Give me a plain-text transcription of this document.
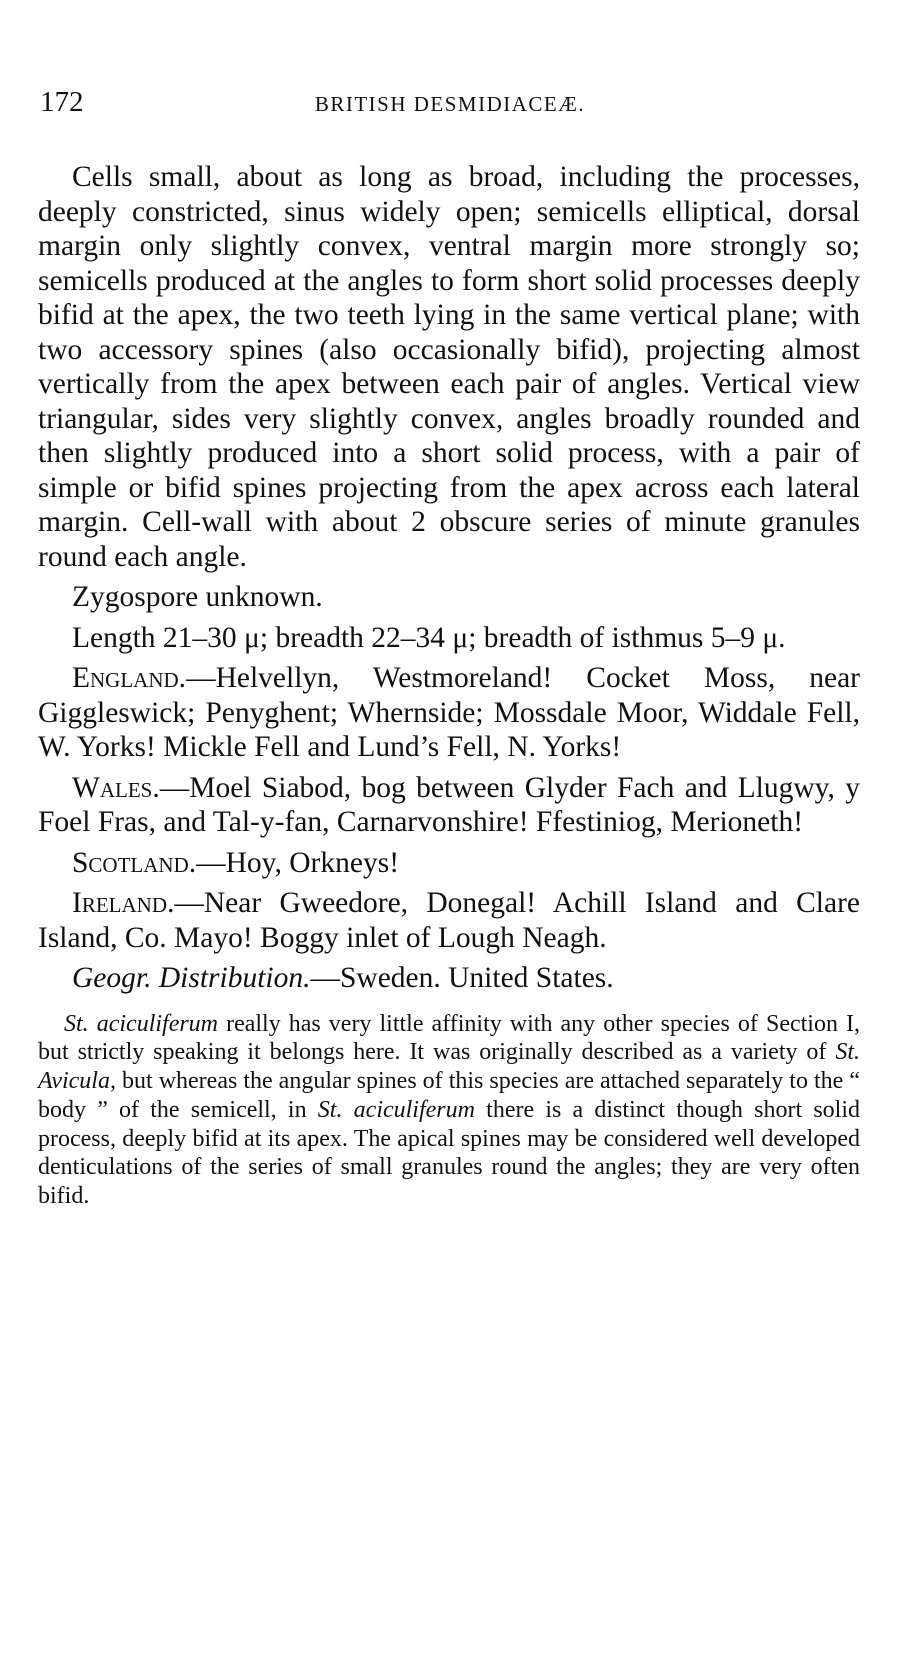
172	BRITISH DESMIDIACEÆ.

Cells small, about as long as broad, including the processes, deeply constricted, sinus widely open; semicells elliptical, dorsal margin only slightly convex, ventral margin more strongly so; semicells produced at the angles to form short solid processes deeply bifid at the apex, the two teeth lying in the same vertical plane; with two accessory spines (also occasionally bifid), projecting almost vertically from the apex between each pair of angles. Vertical view triangular, sides very slightly convex, angles broadly rounded and then slightly produced into a short solid process, with a pair of simple or bifid spines projecting from the apex across each lateral margin. Cell-wall with about 2 obscure series of minute granules round each angle.

Zygospore unknown.

Length 21–30 μ; breadth 22–34 μ; breadth of isthmus 5–9 μ.

England.—Helvellyn, Westmoreland! Cocket Moss, near Giggleswick; Penyghent; Whernside; Mossdale Moor, Widdale Fell, W. Yorks! Mickle Fell and Lund’s Fell, N. Yorks!

Wales.—Moel Siabod, bog between Glyder Fach and Llugwy, y Foel Fras, and Tal-y-fan, Carnarvonshire! Ffestiniog, Merioneth!

Scotland.—Hoy, Orkneys!

Ireland.—Near Gweedore, Donegal! Achill Island and Clare Island, Co. Mayo! Boggy inlet of Lough Neagh.

Geogr. Distribution.—Sweden. United States.

St. aciculiferum really has very little affinity with any other species of Section I, but strictly speaking it belongs here. It was originally described as a variety of St. Avicula, but whereas the angular spines of this species are attached separately to the “ body ” of the semicell, in St. aciculiferum there is a distinct though short solid process, deeply bifid at its apex. The apical spines may be considered well developed denticulations of the series of small granules round the angles; they are very often bifid.
